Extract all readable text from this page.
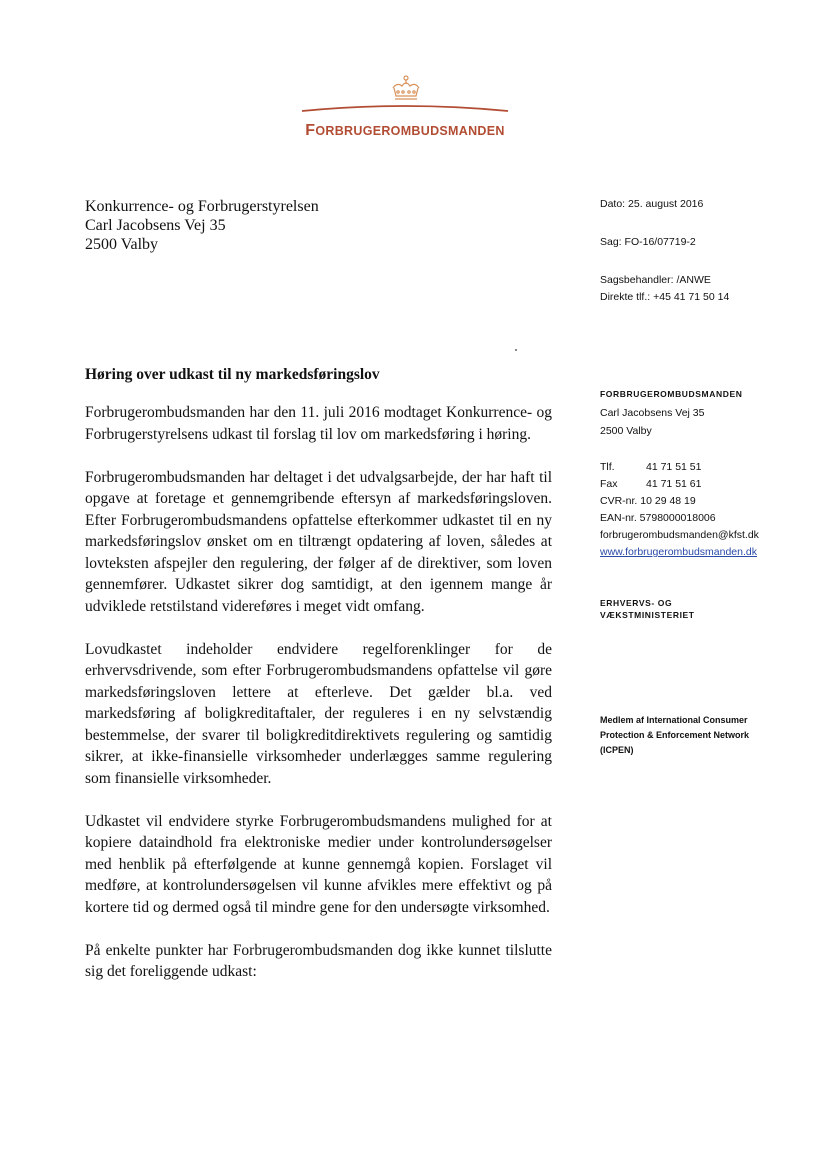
FORBRUGEROMBUDSMANDEN
Konkurrence- og Forbrugerstyrelsen
Carl Jacobsens Vej 35
2500 Valby
Dato: 25. august 2016
Sag: FO-16/07719-2
Sagsbehandler: /ANWE
Direkte tlf.: +45 41 71 50 14
Høring over udkast til ny markedsføringslov

Forbrugerombudsmanden har den 11. juli 2016 modtaget Konkurrence- og Forbrugerstyrelsens udkast til forslag til lov om markedsføring i høring.

Forbrugerombudsmanden har deltaget i det udvalgsarbejde, der har haft til opgave at foretage et gennemgribende eftersyn af markedsføringsloven. Efter Forbrugerombudsmandens opfattelse efterkommer udkastet til en ny markedsføringslov ønsket om en tiltrængt opdatering af loven, således at lovteksten afspejler den regulering, der følger af de direktiver, som loven gennemfører. Udkastet sikrer dog samtidigt, at den igennem mange år udviklede retstilstand videreføres i meget vidt omfang.

Lovudkastet indeholder endvidere regelforenklinger for de erhvervsdrivende, som efter Forbrugerombudsmandens opfattelse vil gøre markedsføringsloven lettere at efterleve. Det gælder bl.a. ved markedsføring af boligkreditaftaler, der reguleres i en ny selvstændig bestemmelse, der svarer til boligkreditdirektivets regulering og samtidig sikrer, at ikke-finansielle virksomheder underlægges samme regulering som finansielle virksomheder.

Udkastet vil endvidere styrke Forbrugerombudsmandens mulighed for at kopiere dataindhold fra elektroniske medier under kontrolundersøgelser med henblik på efterfølgende at kunne gennemgå kopien. Forslaget vil medføre, at kontrolundersøgelsen vil kunne afvikles mere effektivt og på kortere tid og dermed også til mindre gene for den undersøgte virksomhed.

På enkelte punkter har Forbrugerombudsmanden dog ikke kunnet tilslutte sig det foreliggende udkast:

FORBRUGEROMBUDSMANDEN
Carl Jacobsens Vej 35
2500 Valby
Tlf.	41 71 51 51
Fax	41 71 51 61
CVR-nr. 10 29 48 19
EAN-nr. 5798000018006
forbrugerombudsmanden@kfst.dk
www.forbrugerombudsmanden.dk
ERHVERVS- OG
VÆKSTMINISTERIET
Medlem af International Consumer
Protection & Enforcement Network
(ICPEN)
